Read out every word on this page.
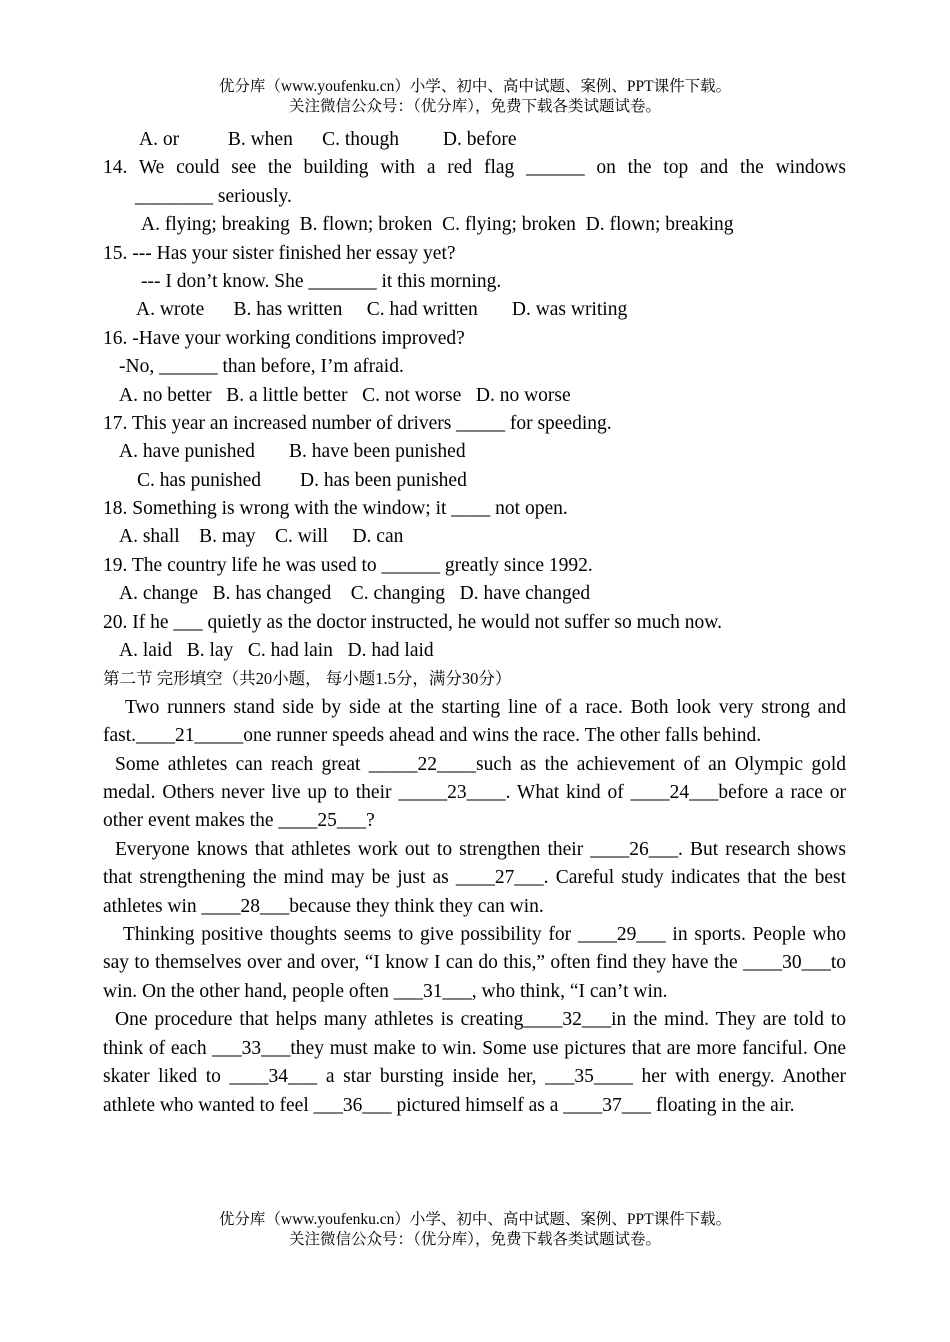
优分库（www.youfenku.cn）小学、初中、高中试题、案例、PPT课件下载。
关注微信公众号：（优分库），免费下载各类试题试卷。
A. or          B. when      C. though         D. before
14. We could see the building with a red flag ______ on the top and the windows
________ seriously.
A. flying; breaking  B. flown; broken  C. flying; broken  D. flown; breaking
15. --- Has your sister finished her essay yet?
--- I don’t know. She _______ it this morning.
A. wrote      B. has written     C. had written       D. was writing
16. -Have your working conditions improved?
-No, ______ than before, I’m afraid.
A. no better   B. a little better   C. not worse   D. no worse
17. This year an increased number of drivers _____ for speeding.
A. have punished       B. have been punished
C. has punished        D. has been punished
18. Something is wrong with the window; it ____ not open.
A. shall    B. may    C. will     D. can
19. The country life he was used to ______ greatly since 1992.
A. change   B. has changed    C. changing   D. have changed
20. If he ___ quietly as the doctor instructed, he would not suffer so much now.
A. laid   B. lay   C. had lain   D. had laid
第二节 完形填空（共20小题， 每小题1.5分，满分30分）
Two runners stand side by side at the starting line of a race. Both look very strong and fast.____21_____one runner speeds ahead and wins the race. The other falls behind.
Some athletes can reach great _____22____such as the achievement of an Olympic gold medal. Others never live up to their _____23____. What kind of ____24___before a race or other event makes the ____25___?
Everyone knows that athletes work out to strengthen their ____26___. But research shows that strengthening the mind may be just as ____27___. Careful study indicates that the best athletes win ____28___because they think they can win.
Thinking positive thoughts seems to give possibility for ____29___ in sports. People who say to themselves over and over, “I know I can do this,” often find they have the ____30___to win. On the other hand, people often ___31___, who think, “I can’t win.
One procedure that helps many athletes is creating____32___in the mind. They are told to think of each ___33___they must make to win. Some use pictures that are more fanciful. One skater liked to ____34___ a star bursting inside her, ___35____ her with energy. Another athlete who wanted to feel ___36___ pictured himself as a ____37___ floating in the air.
优分库（www.youfenku.cn）小学、初中、高中试题、案例、PPT课件下载。
关注微信公众号：（优分库），免费下载各类试题试卷。
